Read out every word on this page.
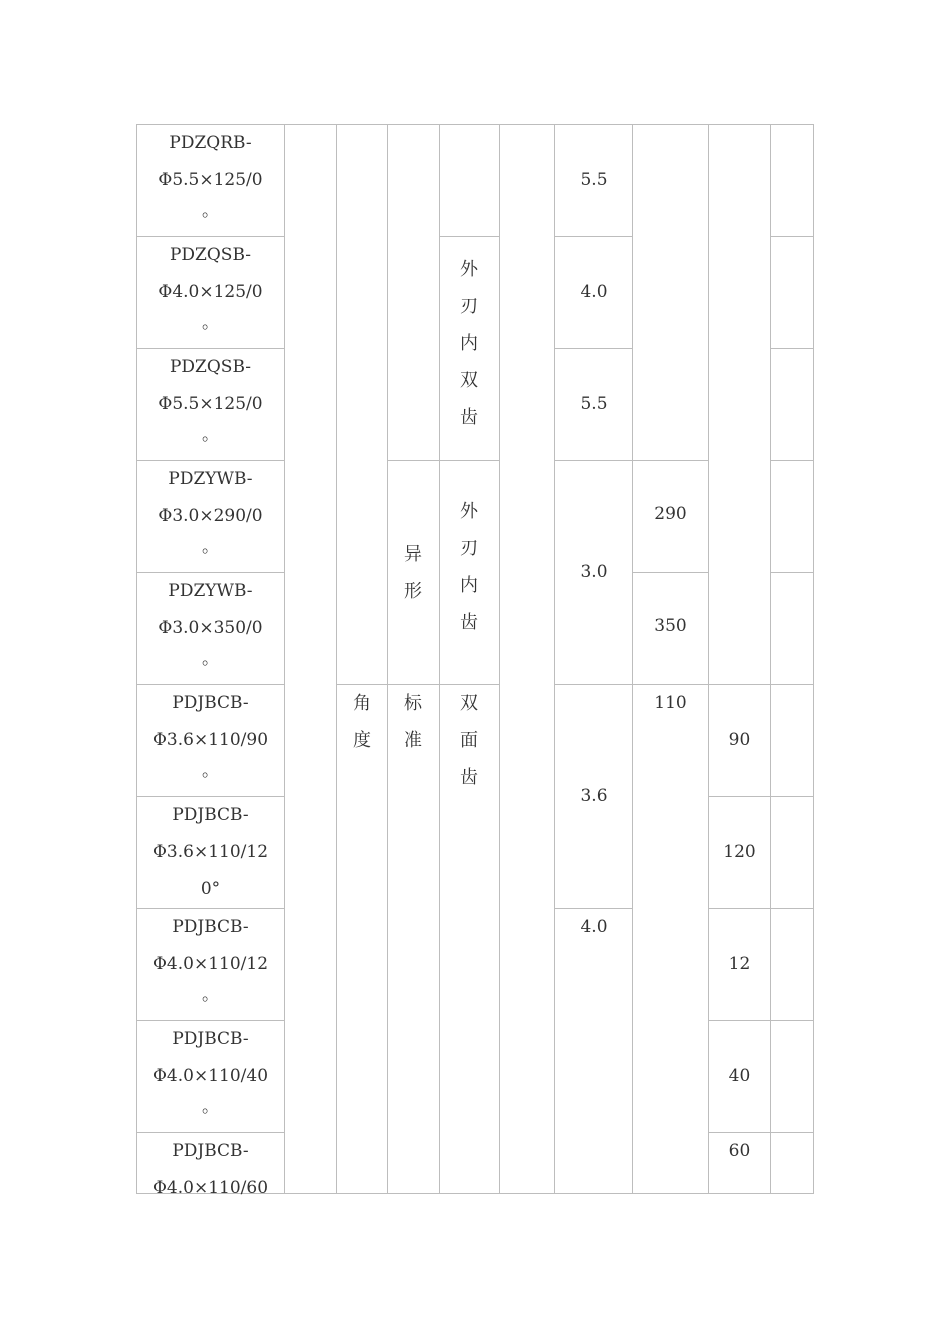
PDZQRB-
Φ5.5×125/0
。
PDZQSB-
Φ4.0×125/0
。
PDZQSB-
Φ5.5×125/0
。
PDZYWB-
Φ3.0×290/0
。
PDZYWB-
Φ3.0×350/0
。
PDJBCB-
Φ3.6×110/90
。
PDJBCB-
Φ3.6×110/12
0°
PDJBCB-
Φ4.0×110/12
。
PDJBCB-
Φ4.0×110/40
。
PDJBCB-
Φ4.0×110/60
角
度
异
形
标
准
外
刃
内
双
齿
外
刃
内
齿
双
面
齿
5.5
4.0
5.5
3.0
3.6
4.0
290
350
110
90
120
12
40
60
